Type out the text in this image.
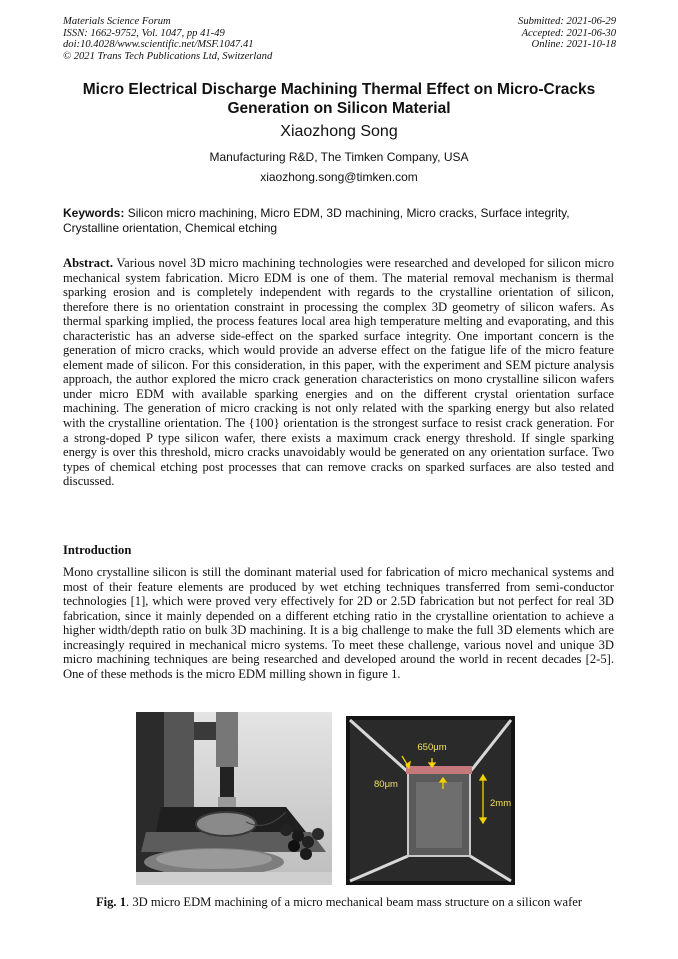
Materials Science Forum
ISSN: 1662-9752, Vol. 1047, pp 41-49
doi:10.4028/www.scientific.net/MSF.1047.41
© 2021 Trans Tech Publications Ltd, Switzerland
Submitted: 2021-06-29
Accepted: 2021-06-30
Online: 2021-10-18
Micro Electrical Discharge Machining Thermal Effect on Micro-Cracks
Generation on Silicon Material
Xiaozhong Song
Manufacturing R&D, The Timken Company, USA
xiaozhong.song@timken.com
Keywords: Silicon micro machining, Micro EDM, 3D machining, Micro cracks, Surface integrity, Crystalline orientation, Chemical etching
Abstract. Various novel 3D micro machining technologies were researched and developed for silicon micro mechanical system fabrication. Micro EDM is one of them. The material removal mechanism is thermal sparking erosion and is completely independent with regards to the crystalline orientation of silicon, therefore there is no orientation constraint in processing the complex 3D geometry of silicon wafers. As thermal sparking implied, the process features local area high temperature melting and evaporating, and this characteristic has an adverse side-effect on the sparked surface integrity. One important concern is the generation of micro cracks, which would provide an adverse effect on the fatigue life of the micro feature element made of silicon. For this consideration, in this paper, with the experiment and SEM picture analysis approach, the author explored the micro crack generation characteristics on mono crystalline silicon wafers under micro EDM with available sparking energies and on the different crystal orientation surface machining. The generation of micro cracking is not only related with the sparking energy but also related with the crystalline orientation. The {100} orientation is the strongest surface to resist crack generation. For a strong-doped P type silicon wafer, there exists a maximum crack energy threshold. If single sparking energy is over this threshold, micro cracks unavoidably would be generated on any orientation surface. Two types of chemical etching post processes that can remove cracks on sparked surfaces are also tested and discussed.
Introduction
Mono crystalline silicon is still the dominant material used for fabrication of micro mechanical systems and most of their feature elements are produced by wet etching techniques transferred from semi-conductor technologies [1], which were proved very effectively for 2D or 2.5D fabrication but not perfect for real 3D fabrication, since it mainly depended on a different etching ratio in the crystalline orientation to achieve a higher width/depth ratio on bulk 3D machining. It is a big challenge to make the full 3D elements which are increasingly required in mechanical micro systems. To meet these challenge, various novel and unique 3D micro machining techniques are being researched and developed around the world in recent decades [2-5]. One of these methods is the micro EDM milling shown in figure 1.
650μm
80μm
2mm
Fig. 1. 3D micro EDM machining of a micro mechanical beam mass structure on a silicon wafer
